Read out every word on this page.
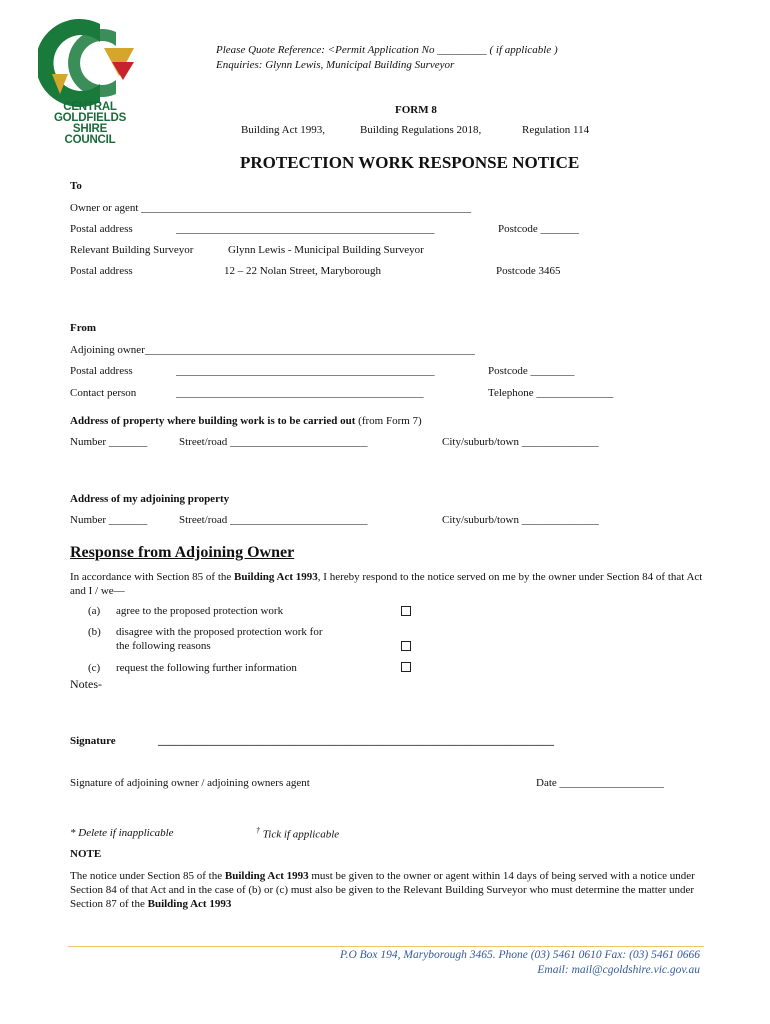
CENTRAL
GOLDFIELDS
SHIRE
COUNCIL
Please Quote Reference: <Permit Application No _________ ( if applicable )
Enquiries: Glynn Lewis, Municipal Building Surveyor
FORM 8
Building Act 1993,	Building Regulations 2018,	Regulation 114
PROTECTION WORK RESPONSE NOTICE
To
Owner or agent ____________________________________________________________
Postal address	_______________________________________________	Postcode _______
Relevant Building Surveyor	Glynn Lewis - Municipal Building Surveyor
Postal address	12 – 22 Nolan Street, Maryborough	Postcode 3465
From
Adjoining owner____________________________________________________________
Postal address	_______________________________________________	Postcode ________
Contact person	_____________________________________________	Telephone ______________
Address of property where building work is to be carried out (from Form 7)
Number _______	Street/road _________________________	City/suburb/town ______________
Address of my adjoining property
Number _______	Street/road _________________________	City/suburb/town ______________
Response from Adjoining Owner
In accordance with Section 85 of the Building Act 1993, I hereby respond to the notice served on me by the owner under Section 84 of that Act and I / we—
(a) agree to the proposed protection work
(b) disagree with the proposed protection work for
the following reasons
(c) request the following further information
Notes-
Signature	________________________________________________________________________
Signature of adjoining owner / adjoining owners agent	Date ___________________
* Delete if inapplicable	† Tick if applicable
NOTE
The notice under Section 85 of the Building Act 1993 must be given to the owner or agent within 14 days of being served with a notice under Section 84 of that Act and in the case of (b) or (c) must also be given to the Relevant Building Surveyor who must determine the matter under Section 87 of the Building Act 1993
P.O Box 194, Maryborough 3465. Phone (03) 5461 0610 Fax: (03) 5461 0666
Email: mail@cgoldshire.vic.gov.au
